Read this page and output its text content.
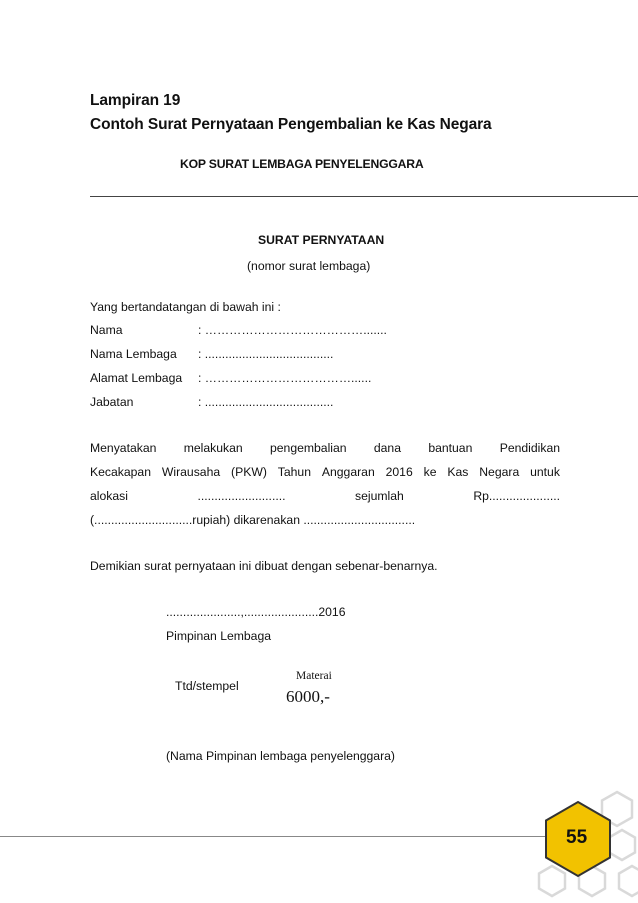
Lampiran 19
Contoh Surat Pernyataan Pengembalian ke Kas Negara
KOP SURAT LEMBAGA PENYELENGGARA
SURAT PERNYATAAN
(nomor surat lembaga)
Yang bertandatangan di bawah ini :
Nama	: ………………………………….......
Nama Lembaga : ......................................
Alamat Lembaga : ………………………………......
Jabatan	: ......................................
Menyatakan melakukan pengembalian dana bantuan Pendidikan
Kecakapan Wirausaha (PKW) Tahun Anggaran 2016 ke Kas Negara untuk
alokasi	..........................	sejumlah	Rp.....................
(.............................rupiah) dikarenakan .................................
Demikian surat pernyataan ini dibuat dengan sebenar-benarnya.
......................,......................2016
Pimpinan Lembaga
Ttd/stempel
Materai
6000,-
(Nama Pimpinan lembaga penyelenggara)
55
